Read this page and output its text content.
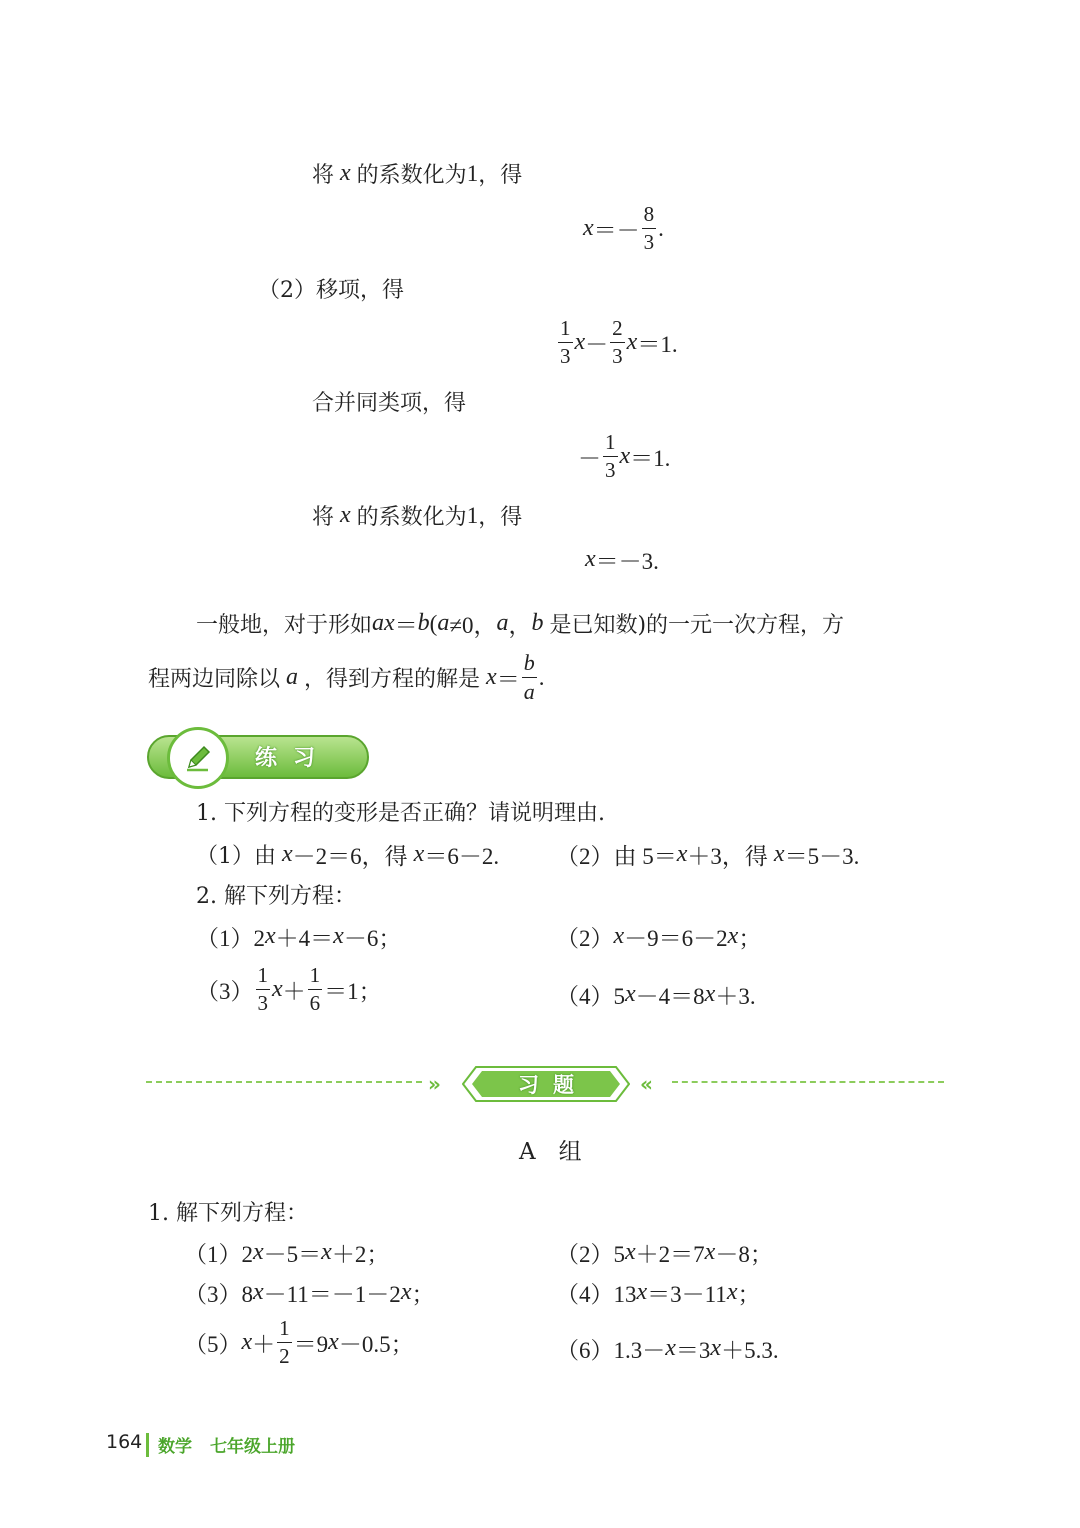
将 x 的系数化为 1 ，得
$x =- \frac{8}{3}$ .
（2）移项，得
$\frac{1}{3}$ $x - \frac{2}{3}$ x ＝1.
合并同类项，得
－ $\frac{1}{3}$ x ＝1.
将 x 的系数化为 1 ，得
x ＝－3.
一般地，对于形如 ax ＝ b ( a ≠0， a ， b 是已知数)的一元一次方程，方
程两边同除以 a ，得到方程的解是 $x = \frac{b}{a}$ .
练习
1. 下列方程的变形是否正确？请说明理由.
（1）由 x －2＝6，得 x ＝6－2. （2）由 5＝ x ＋3，得 x ＝5－3.
2. 解下列方程：
（1）2 x ＋4＝ x －6；	（2） x －9＝6－2 x ；
$(3) \frac{1}{3}$ $x + \frac{1}{6} =1$；	（4）5 x －4＝8 x ＋3.
»	习题	«
A　组
1. 解下列方程：
（1）2 x －5＝ x ＋2；	（2）5 x ＋2＝7 x －8；
（3）8 x －11＝－1－2 x ；	（4）13 x ＝3－11 x ；
（5） $x + \frac{1}{2} =9$ x －0.5；	（6）1.3－ x ＝3 x ＋5.3.
164 数学 七年级上册
